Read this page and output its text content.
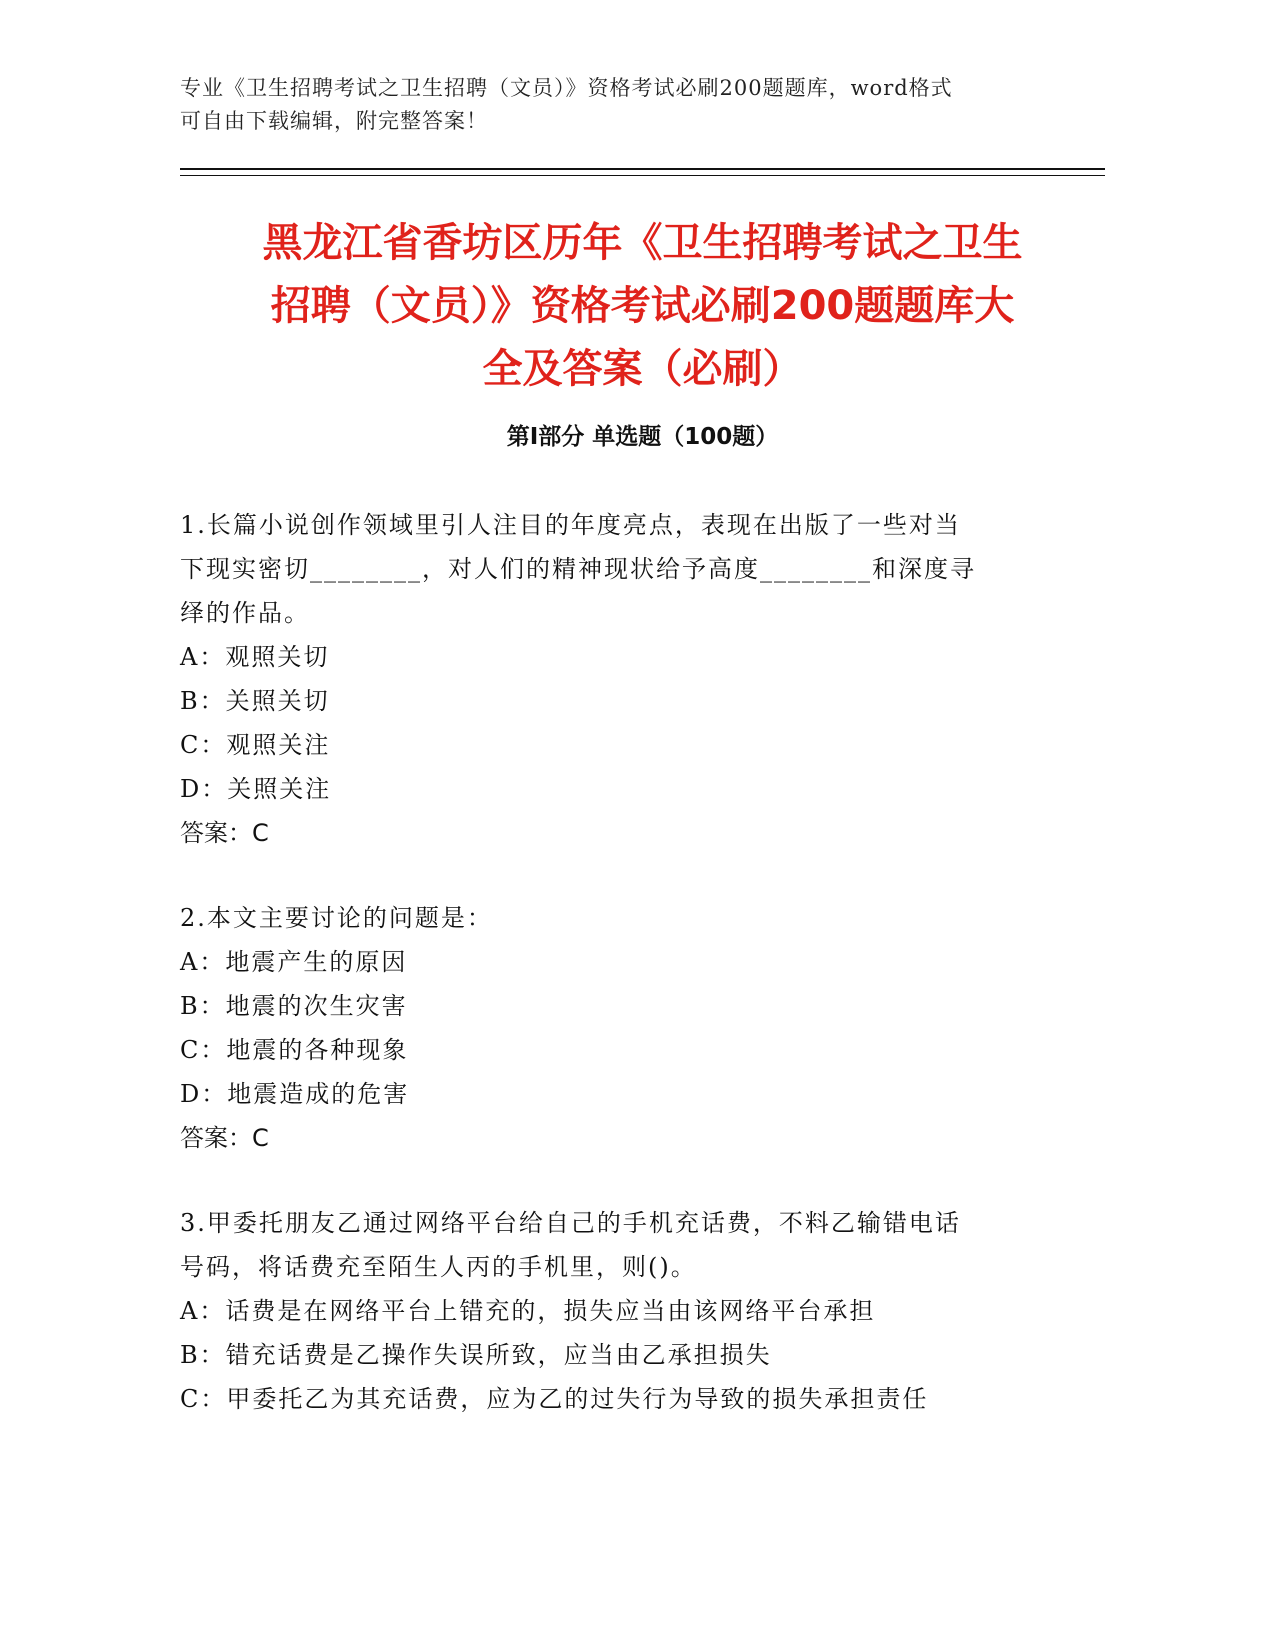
专业《卫生招聘考试之卫生招聘（文员）》资格考试必刷200题题库，word格式
可自由下载编辑，附完整答案！
黑龙江省香坊区历年《卫生招聘考试之卫生
招聘（文员）》资格考试必刷200题题库大
全及答案（必刷）
第Ⅰ部分 单选题（100题）
1.长篇小说创作领域里引人注目的年度亮点，表现在出版了一些对当
下现实密切________，对人们的精神现状给予高度________和深度寻
绎的作品。
A：观照关切
B：关照关切
C：观照关注
D：关照关注
答案：C
2.本文主要讨论的问题是：
A：地震产生的原因
B：地震的次生灾害
C：地震的各种现象
D：地震造成的危害
答案：C
3.甲委托朋友乙通过网络平台给自己的手机充话费，不料乙输错电话
号码，将话费充至陌生人丙的手机里，则()。
A：话费是在网络平台上错充的，损失应当由该网络平台承担
B：错充话费是乙操作失误所致，应当由乙承担损失
C：甲委托乙为其充话费，应为乙的过失行为导致的损失承担责任
